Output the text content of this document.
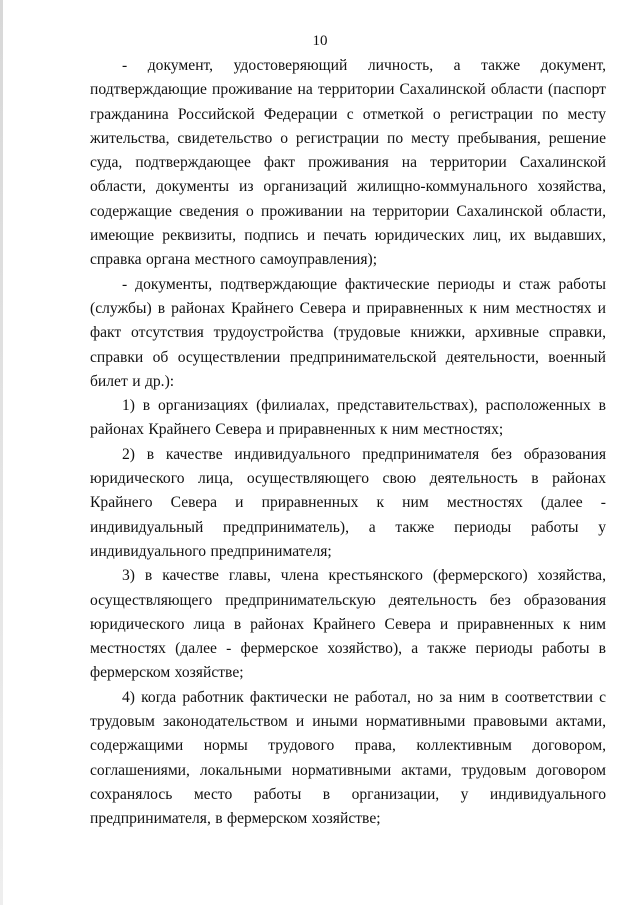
10

- документ, удостоверяющий личность, а также документ, подтверждающие проживание на территории Сахалинской области (паспорт гражданина Российской Федерации с отметкой о регистрации по месту жительства, свидетельство о регистрации по месту пребывания, решение суда, подтверждающее факт проживания на территории Сахалинской области, документы из организаций жилищно-коммунального хозяйства, содержащие сведения о проживании на территории Сахалинской области, имеющие реквизиты, подпись и печать юридических лиц, их выдавших, справка органа местного самоуправления);

- документы, подтверждающие фактические периоды и стаж работы (службы) в районах Крайнего Севера и приравненных к ним местностях и факт отсутствия трудоустройства (трудовые книжки, архивные справки, справки об осуществлении предпринимательской деятельности, военный билет и др.):

1) в организациях (филиалах, представительствах), расположенных в районах Крайнего Севера и приравненных к ним местностях;

2) в качестве индивидуального предпринимателя без образования юридического лица, осуществляющего свою деятельность в районах Крайнего Севера и приравненных к ним местностях (далее - индивидуальный предприниматель), а также периоды работы у индивидуального предпринимателя;

3) в качестве главы, члена крестьянского (фермерского) хозяйства, осуществляющего предпринимательскую деятельность без образования юридического лица в районах Крайнего Севера и приравненных к ним местностях (далее - фермерское хозяйство), а также периоды работы в фермерском хозяйстве;

4) когда работник фактически не работал, но за ним в соответствии с трудовым законодательством и иными нормативными правовыми актами, содержащими нормы трудового права, коллективным договором, соглашениями, локальными нормативными актами, трудовым договором сохранялось место работы в организации, у индивидуального предпринимателя, в фермерском хозяйстве;
